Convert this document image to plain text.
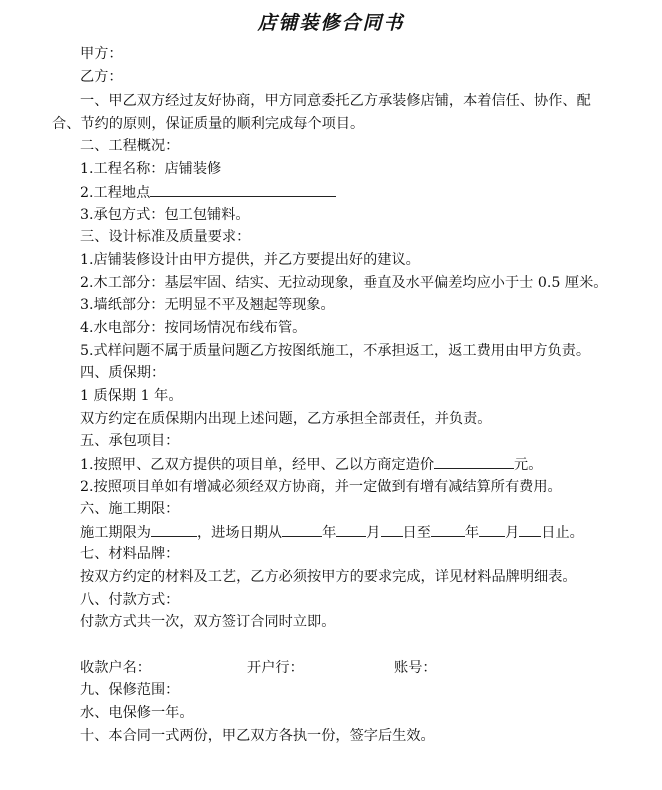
店铺装修合同书
甲方：
乙方：
一、甲乙双方经过友好协商，甲方同意委托乙方承装修店铺，本着信任、协作、配
合、节约的原则，保证质量的顺利完成每个项目。
二、工程概况：
1.工程名称：店铺装修
2.工程地点
3.承包方式：包工包铺料。
三、设计标准及质量要求：
1.店铺装修设计由甲方提供，并乙方要提出好的建议。
2.木工部分：基层牢固、结实、无拉动现象，垂直及水平偏差均应小于士 0.5 厘米。
3.墙纸部分：无明显不平及翘起等现象。
4.水电部分：按同场情况布线布管。
5.式样问题不属于质量问题乙方按图纸施工，不承担返工，返工费用由甲方负责。
四、质保期：
1 质保期 1 年。
双方约定在质保期内出现上述问题，乙方承担全部责任，并负责。
五、承包项目：
1.按照甲、乙双方提供的项目单，经甲、乙以方商定造价	元。
2.按照项目单如有增减必须经双方协商，并一定做到有增有减结算所有费用。
六、施工期限：
施工期限为	，进场日期从	年 月 日至 年 月 日止。
七、材料品牌：
按双方约定的材料及工艺，乙方必须按甲方的要求完成，详见材料品牌明细表。
八、付款方式：
付款方式共一次，双方签订合同时立即。
收款户名：	开户行：	账号：
九、保修范围：
水、电保修一年。
十、本合同一式两份，甲乙双方各执一份，签字后生效。
